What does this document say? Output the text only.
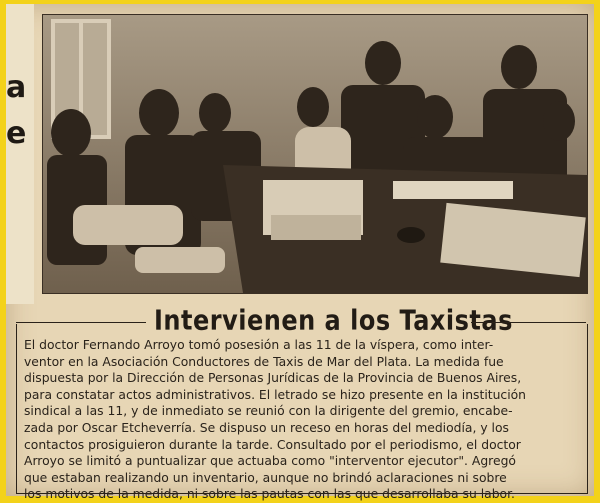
a
e
Intervienen a los Taxistas
El doctor Fernando Arroyo tomó posesión a las 11 de la víspera, como inter-
ventor en la Asociación Conductores de Taxis de Mar del Plata. La medida fue
dispuesta por la Dirección de Personas Jurídicas de la Provincia de Buenos Aires,
para constatar actos administrativos. El letrado se hizo presente en la institución
sindical a las 11, y de inmediato se reunió con la dirigente del gremio, encabe-
zada por Oscar Etcheverría. Se dispuso un receso en horas del mediodía, y los
contactos prosiguieron durante la tarde. Consultado por el periodismo, el doctor
Arroyo se limitó a puntualizar que actuaba como "interventor ejecutor". Agregó
que estaban realizando un inventario, aunque no brindó aclaraciones ni sobre
los motivos de la medida, ni sobre las pautas con las que desarrollaba su labor.
